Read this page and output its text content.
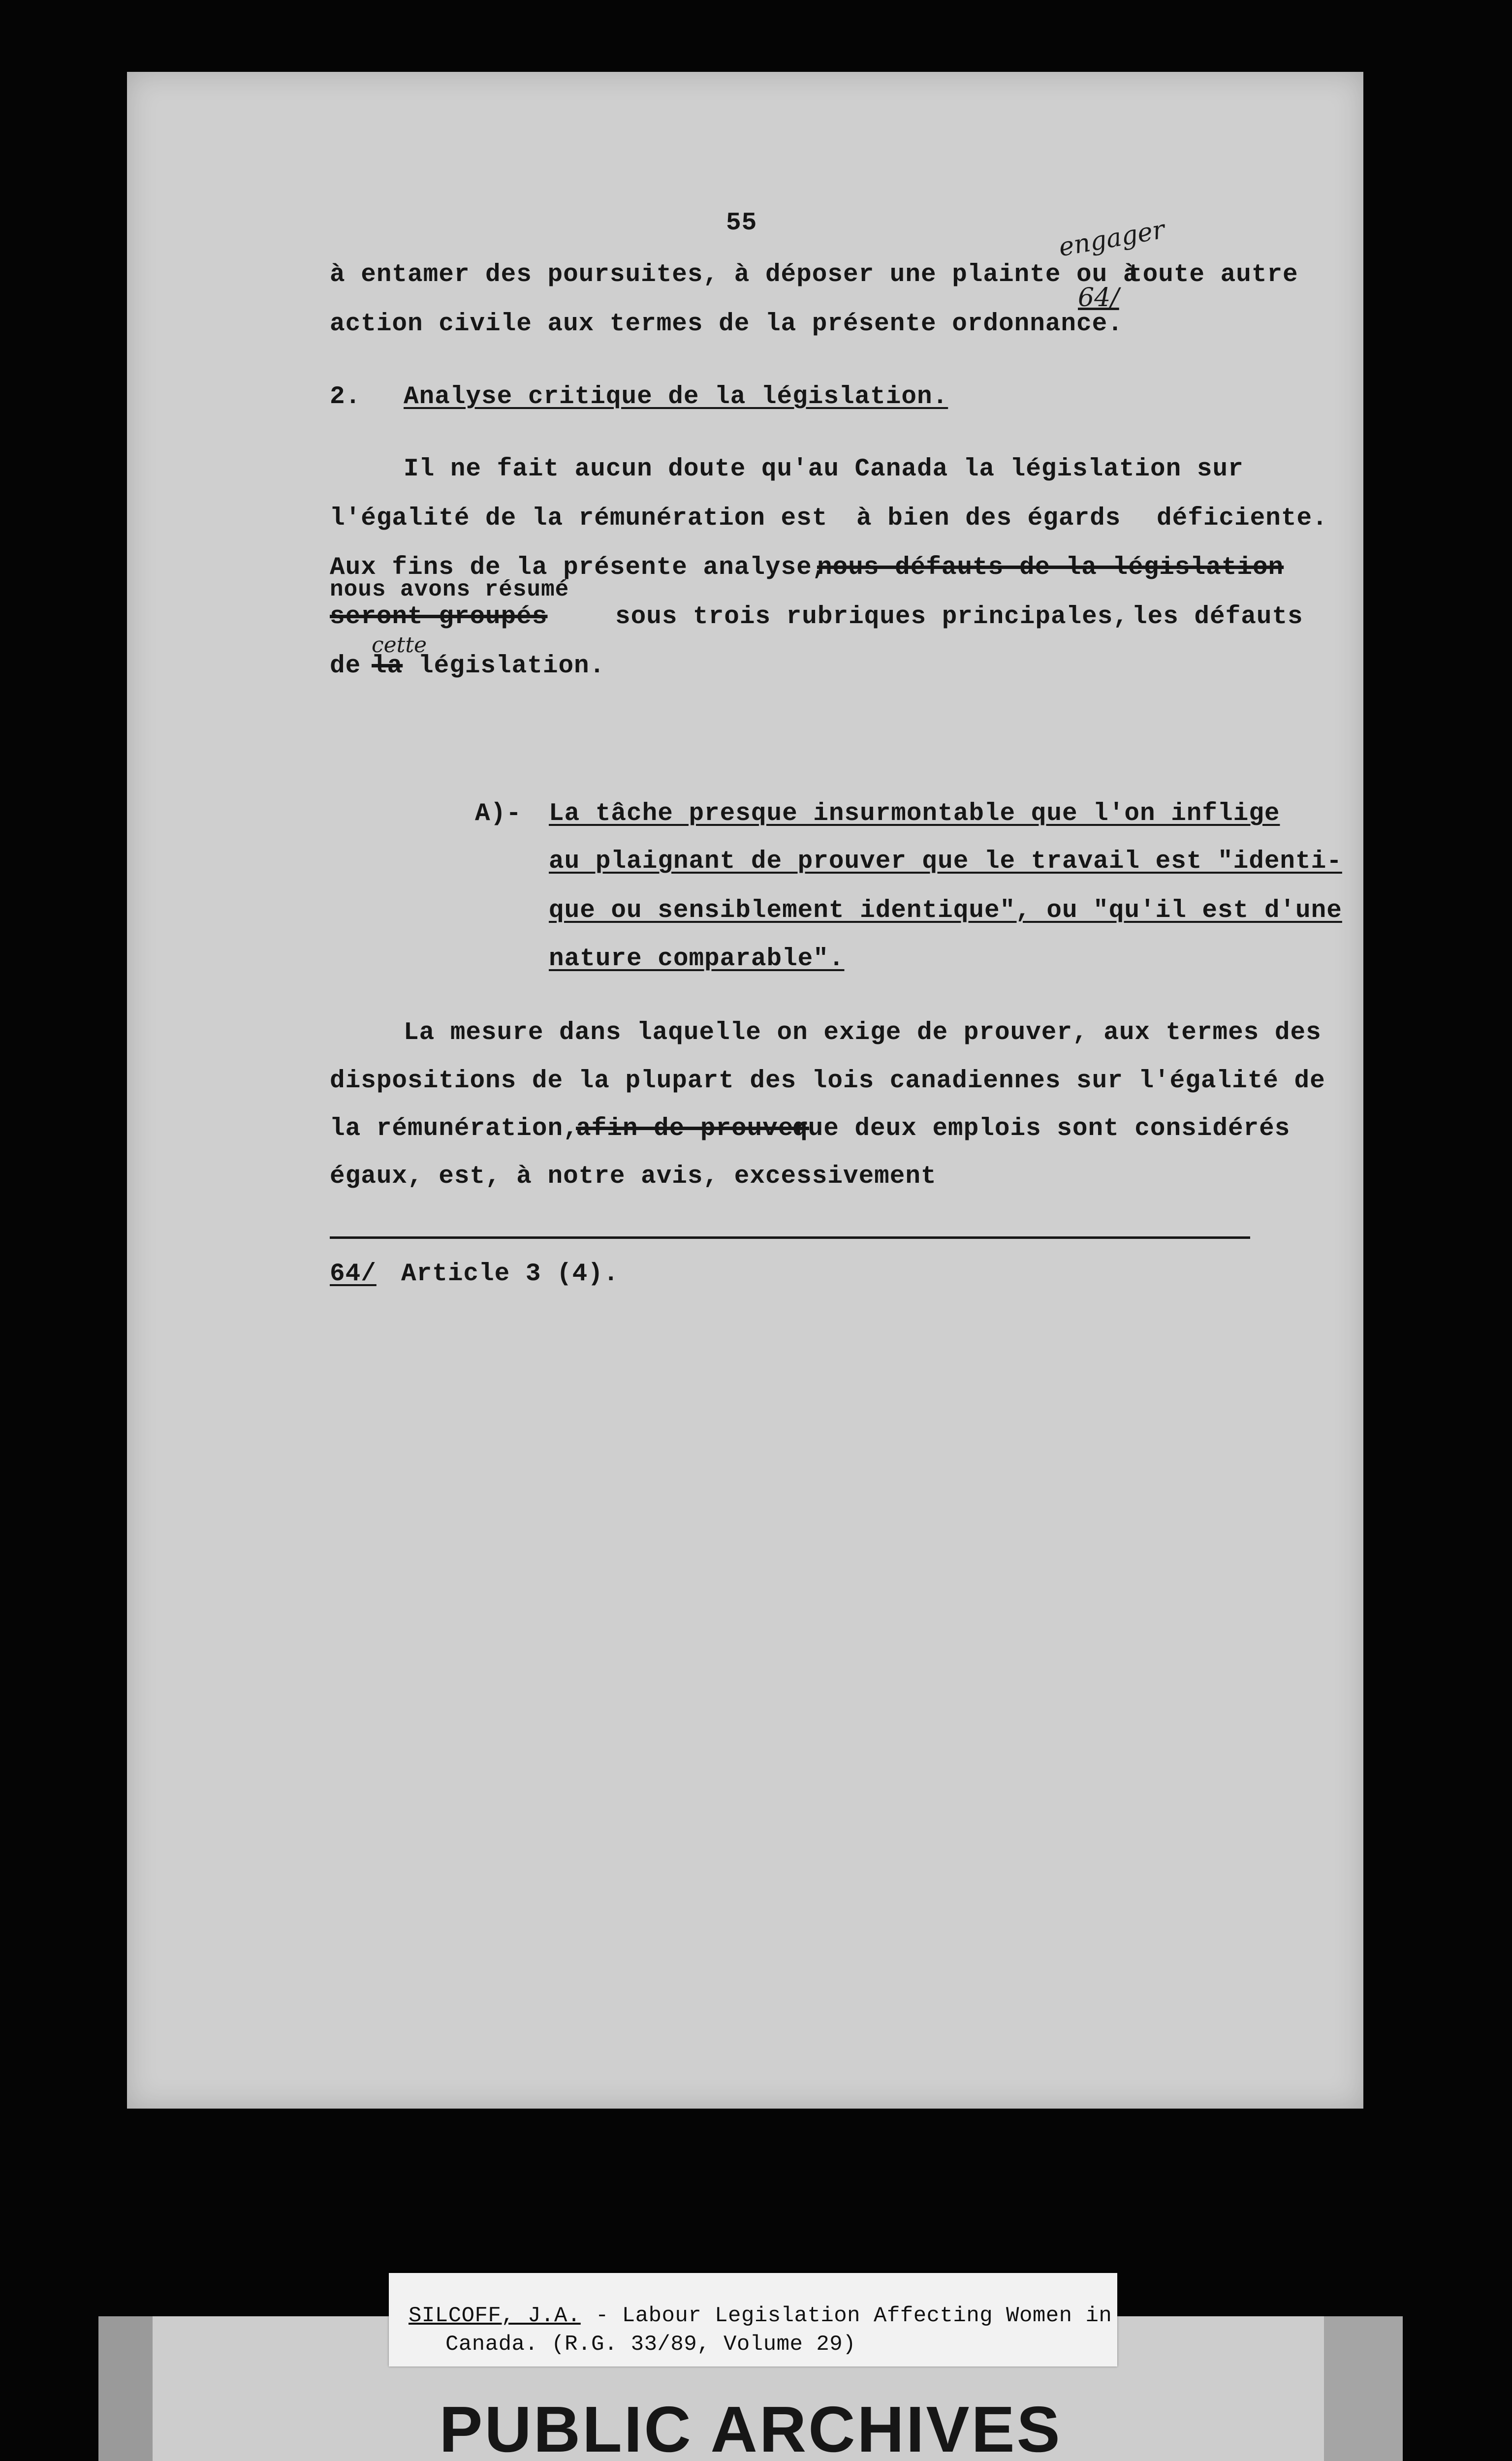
55	engager
64/
à entamer des poursuites, à déposer une plainte ou à
toute autre
action civile aux termes de la présente ordonnance.
2. Analyse critique de la législation.
Il ne fait aucun doute qu'au Canada la législation sur
l'égalité de la rémunération est à bien des égards déficiente.
Aux fins de la présente analyse,
nous défauts de la législation
nous avons résumé
seront groupés	sous trois rubriques principales, les défauts
cette
de la législation.
A)- La tâche presque insurmontable que l'on inflige
au plaignant de prouver que le travail est "identi-
que ou sensiblement identique", ou "qu'il est d'une
nature comparable".
La mesure dans laquelle on exige de prouver, aux termes des
dispositions de la plupart des lois canadiennes sur l'égalité de
la rémunération,
afin de prouver
que deux emplois sont considérés
égaux, est, à notre avis, excessivement
64/ Article 3 (4).
SILCOFF, J.A. - Labour Legislation Affecting Women in
Canada. (R.G. 33/89, Volume 29)
PUBLIC ARCHIVES
